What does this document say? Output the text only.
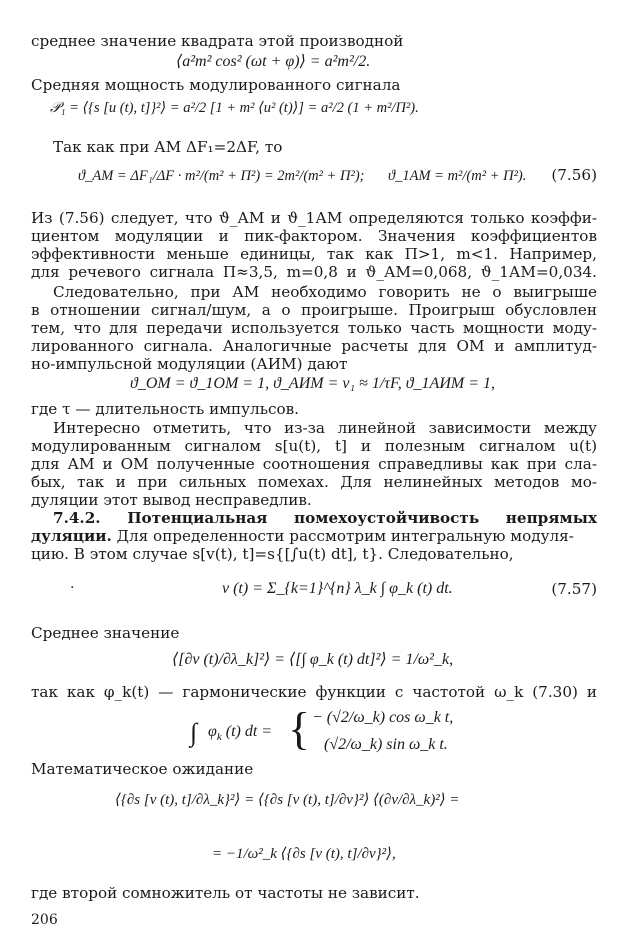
среднее значение квадрата этой производной
⟨a²m² cos² (ωt + φ)⟩ = a²m²/2.
Средняя мощность модулированного сигнала
𝒫₁ = ⟨{s [u (t), t]}²⟩ = a²/2 [1 + m² ⟨u² (t)⟩] = a²/2 (1 + m²/П²).
Так как при АМ ΔF₁=2ΔF, то
ϑ_АМ = ΔF₁/ΔF · m²/(m² + П²) = 2m²/(m² + П²); ϑ_1АМ = m²/(m² + П²). (7.56)
Из (7.56) следует, что ϑ_АМ и ϑ_1АМ определяются только коэффи-
циентом модуляции и пик-фактором. Значения коэффициентов
эффективности меньше единицы, так как П>1, m<1. Например,
для речевого сигнала П≈3,5, m=0,8 и ϑ_АМ=0,068, ϑ_1АМ=0,034.
Следовательно, при АМ необходимо говорить не о выигрыше
в отношении сигнал/шум, а о проигрыше. Проигрыш обусловлен
тем, что для передачи используется только часть мощности моду-
лированного сигнала. Аналогичные расчеты для ОМ и амплитуд-
но-импульсной модуляции (АИМ) дают
ϑ_ОМ = ϑ_1ОМ = 1, ϑ_АИМ = ν₁ ≈ 1/τF, ϑ_1АИМ = 1,
где τ — длительность импульсов.
Интересно отметить, что из-за линейной зависимости между
модулированным сигналом s[u(t), t] и полезным сигналом u(t)
для АМ и ОМ полученные соотношения справедливы как при сла-
бых, так и при сильных помехах. Для нелинейных методов мо-
дуляции этот вывод несправедлив.
7.4.2. Потенциальная помехоустойчивость непрямых
дуляции. Для определенности рассмотрим интегральную модуля-
цию. В этом случае s[v(t), t]=s{[∫u(t) dt], t}. Следовательно,
·	ν (t) = Σ_{k=1}^{n} λ_k ∫ φ_k (t) dt.	(7.57)
Среднее значение
⟨[∂ν (t)/∂λ_k]²⟩ = ⟨[∫ φ_k (t) dt]²⟩ = 1/ω²_k,
так как φ_k(t) — гармонические функции с частотой ω_k (7.30) и
∫ $\varphi_k$ (t) dt = { − (√2/ω_k) cos ω_k t,
(√2/ω_k) sin ω_k t.
Математическое ожидание
⟨{∂s [ν (t), t]/∂λ_k}²⟩ = ⟨{∂s [ν (t), t]/∂ν}²⟩ ⟨(∂ν/∂λ_k)²⟩ =
= −1/ω²_k ⟨{∂s [ν (t), t]/∂ν}²⟩,
где второй сомножитель от частоты не зависит.
206
